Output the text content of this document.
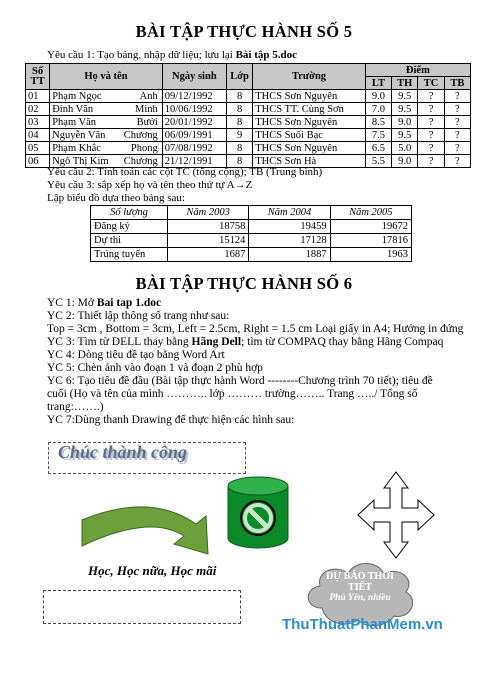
BÀI TẬP THỰC HÀNH SỐ 5
Yêu cầu 1: Tạo bảng, nhập dữ liệu; lưu lại Bài tập 5.doc
Số
TT	Họ và tên	Ngày sinh	Lớp	Trường	Điểm			
					LT	TH	TC	TB
01	Phạm Ngọc Anh	09/12/1992	8	THCS Sơn Nguyên	9.0	9.5	?	?
02	Đinh Văn Minh	10/06/1992	8	THCS TT. Củng Sơn	7.0	9.5	?	?
03	Phạm Văn Bưởi	20/01/1992	8	THCS Sơn Nguyên	8.5	9.0	?	?
04	Nguyễn Văn Chương	06/09/1991	9	THCS Suối Bạc	7.5	9.5	?	?
05	Phạm Khắc Phong	07/08/1992	8	THCS Sơn Nguyên	6.5	5.0	?	?
06	Ngô Thị Kim Chương	21/12/1991	8	THCS Sơn Hà	5.5	9.0	?	?
Yêu cầu 2: Tính toán các cột TC (tổng cộng); TB (Trung bình)
Yêu cầu 3: sắp xếp họ và tên theo thứ tự A→Z
Lập biểu đồ dựa theo bảng sau:
Số lượng	Năm 2003	Năm 2004	Năm 2005
Đăng ký	18758	19459	19672
Dự thi	15124	17128	17816
Trúng tuyển	1687	1887	1963
BÀI TẬP THỰC HÀNH SỐ 6
YC 1: Mở Bai tap 1.doc
YC 2: Thiết lập thông số trang như sau:
Top = 3cm , Bottom = 3cm, Left = 2.5cm, Right = 1.5 cm Loại giấy in A4; Hướng in đứng
YC 3: Tìm từ DELL thay bằng Hãng Dell; tìm từ COMPAQ thay bằng Hãng Compaq
YC 4: Dòng tiêu đề tạo bằng Word Art
YC 5: Chèn ảnh vào đoạn 1 và đoạn 2 phù hợp
YC 6: Tạo tiêu đề đầu (Bài tập thực hành Word --------Chương trình 70 tiết); tiêu đề
cuối (Họ và tên của mình ……….. lớp ……… trường…….. Trang …../ Tổng số
trang:…….)
YC 7:Dùng thanh Drawing để thực hiện các hình sau:
Chúc thành công
Học, Học nữa, Học mãi	DỰ BÁO THỜI
TIẾT
Phú Yên, nhiều
ThuThuatPhanMem.vn
